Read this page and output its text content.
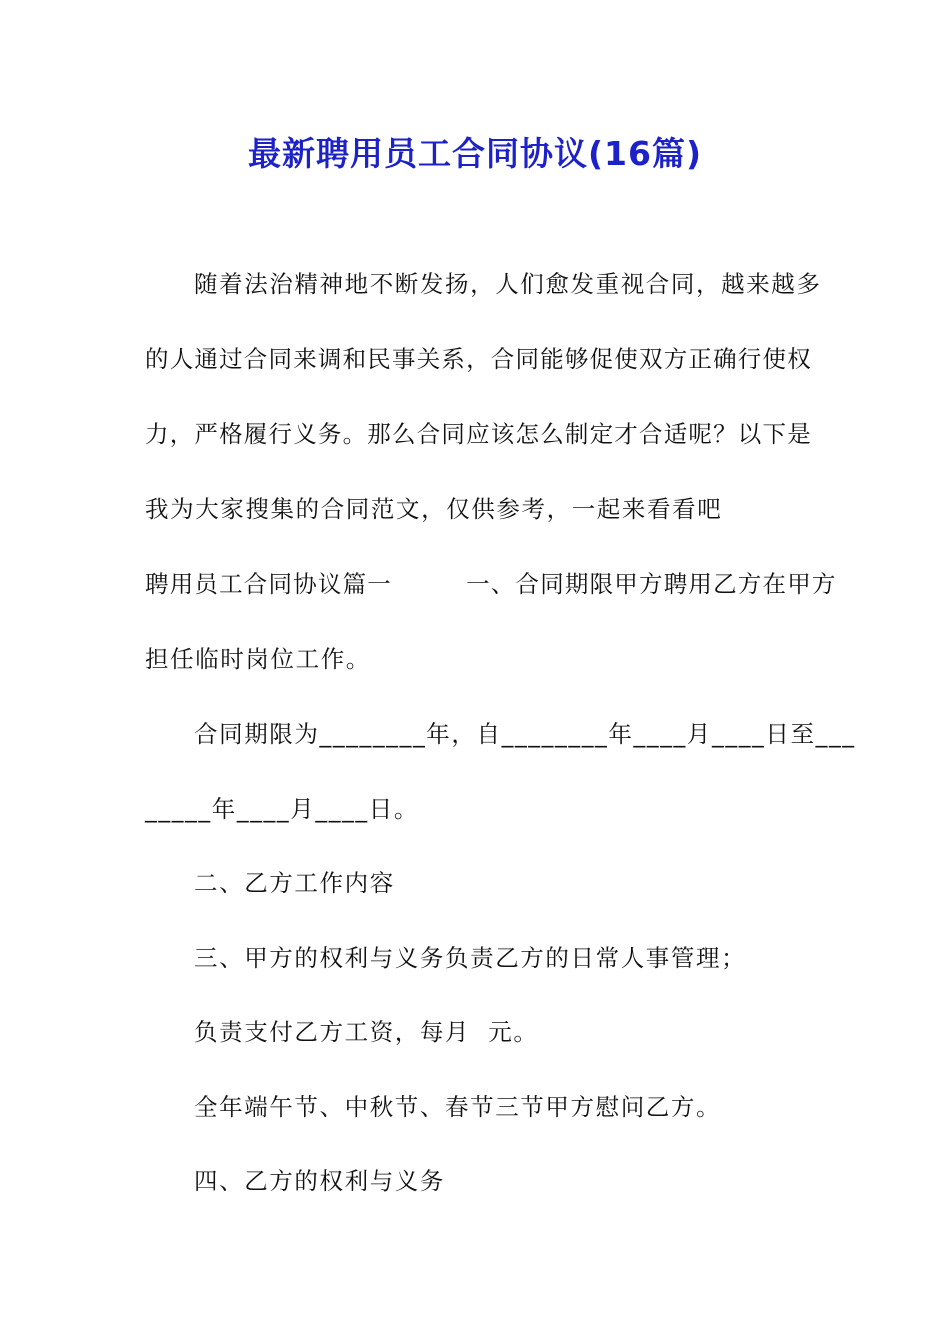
最新聘用员工合同协议(16篇)
随着法治精神地不断发扬，人们愈发重视合同，越来越多
的人通过合同来调和民事关系，合同能够促使双方正确行使权
力，严格履行义务。那么合同应该怎么制定才合适呢？以下是
我为大家搜集的合同范文，仅供参考，一起来看看吧
聘用员工合同协议篇一　　　一、合同期限甲方聘用乙方在甲方
担任临时岗位工作。
合同期限为________年，自________年____月____日至___
_____年____月____日。
二、乙方工作内容
三、甲方的权利与义务负责乙方的日常人事管理；
负责支付乙方工资，每月  元。
全年端午节、中秋节、春节三节甲方慰问乙方。
四、乙方的权利与义务
